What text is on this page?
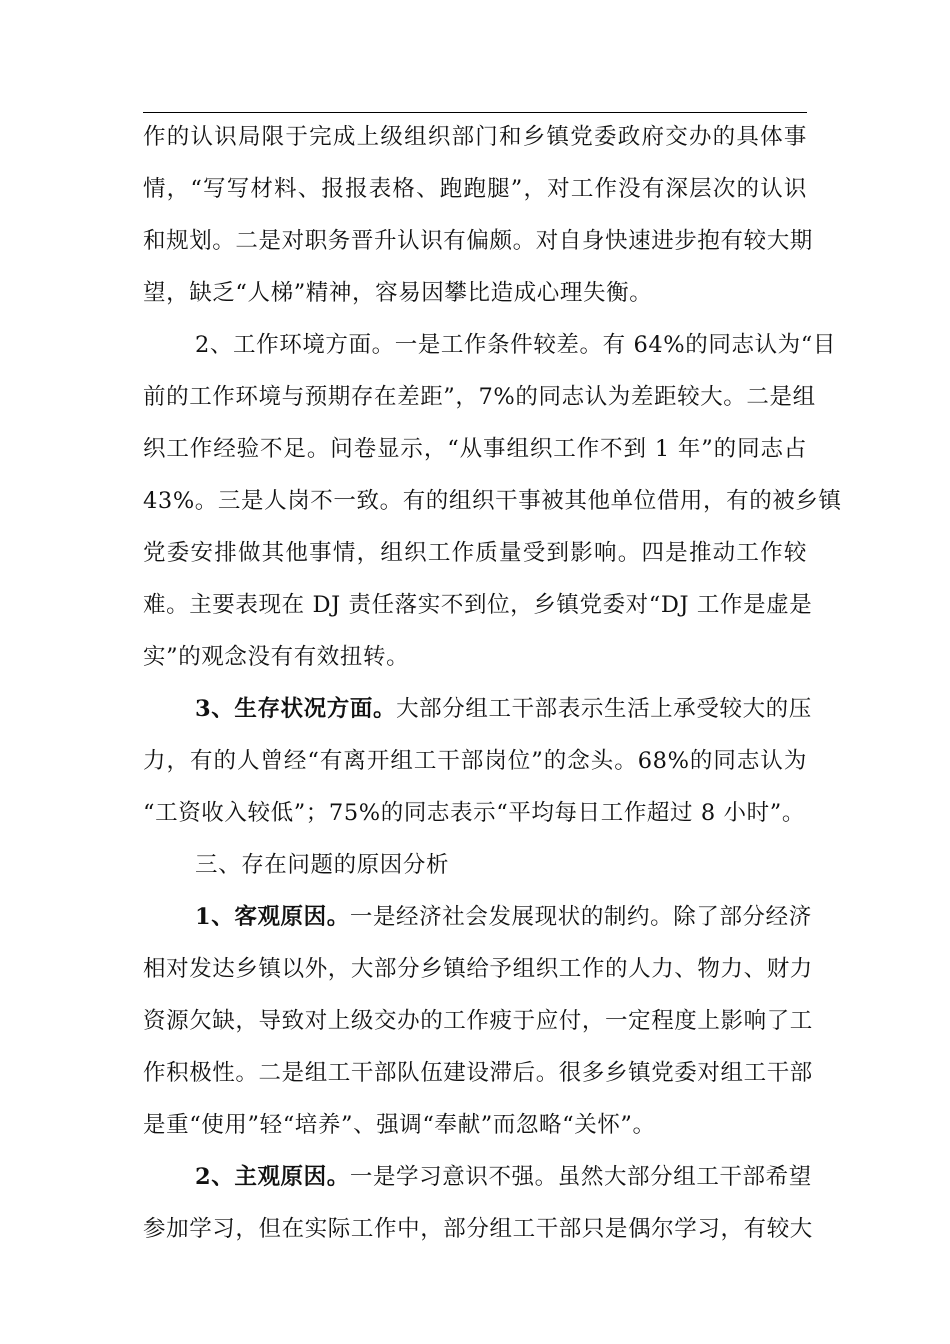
作的认识局限于完成上级组织部门和乡镇党委政府交办的具体事
情，“写写材料、报报表格、跑跑腿”，对工作没有深层次的认识
和规划。二是对职务晋升认识有偏颇。对自身快速进步抱有较大期
望，缺乏“人梯”精神，容易因攀比造成心理失衡。
2、工作环境方面。一是工作条件较差。有 64%的同志认为“目
前的工作环境与预期存在差距”，7%的同志认为差距较大。二是组
织工作经验不足。问卷显示，“从事组织工作不到 1 年”的同志占
43%。三是人岗不一致。有的组织干事被其他单位借用，有的被乡镇
党委安排做其他事情，组织工作质量受到影响。四是推动工作较
难。主要表现在 DJ 责任落实不到位，乡镇党委对“DJ 工作是虚是
实”的观念没有有效扭转。
3、生存状况方面。大部分组工干部表示生活上承受较大的压
力，有的人曾经“有离开组工干部岗位”的念头。68%的同志认为
“工资收入较低”；75%的同志表示“平均每日工作超过 8 小时”。
三、存在问题的原因分析
1、客观原因。一是经济社会发展现状的制约。除了部分经济
相对发达乡镇以外，大部分乡镇给予组织工作的人力、物力、财力
资源欠缺，导致对上级交办的工作疲于应付，一定程度上影响了工
作积极性。二是组工干部队伍建设滞后。很多乡镇党委对组工干部
是重“使用”轻“培养”、强调“奉献”而忽略“关怀”。
2、主观原因。一是学习意识不强。虽然大部分组工干部希望
参加学习，但在实际工作中，部分组工干部只是偶尔学习，有较大
